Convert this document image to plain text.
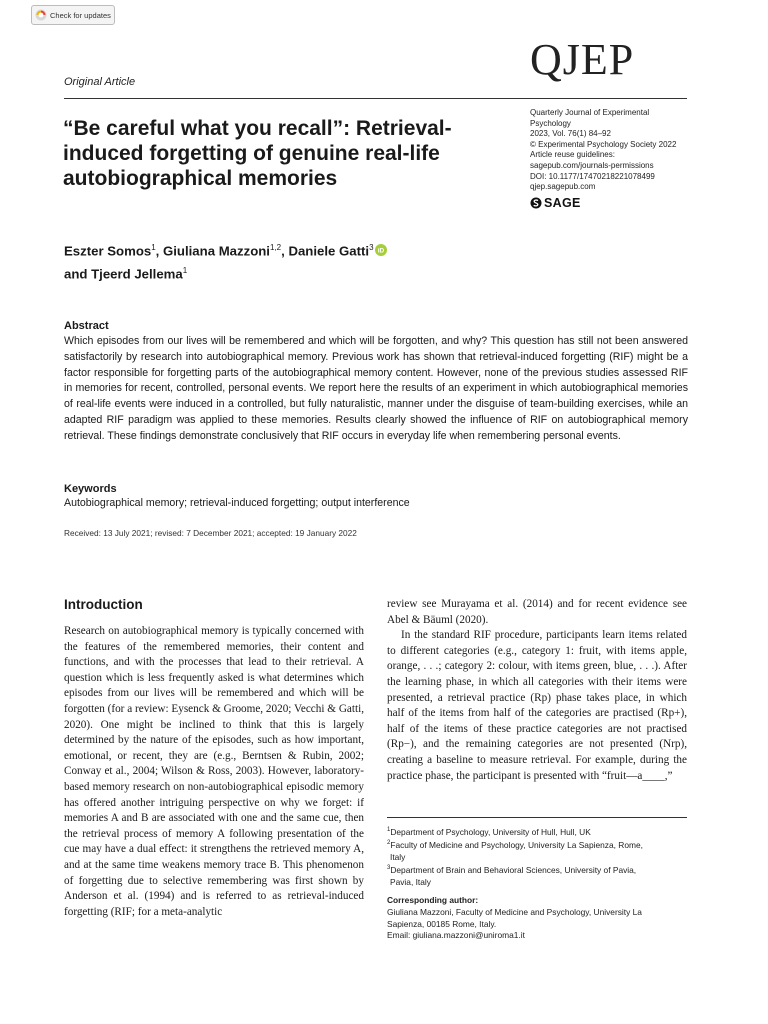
Check for updates
Original Article	QJEP
“Be careful what you recall”: Retrieval-induced forgetting of genuine real-life autobiographical memories
Quarterly Journal of Experimental
Psychology
2023, Vol. 76(1) 84–92
© Experimental Psychology Society 2022
Article reuse guidelines:
sagepub.com/journals-permissions
DOI: 10.1177/17470218221078499
qjep.sagepub.com
SAGE
Eszter Somos$^1$, Giuliana Mazzoni$^{1,2}$, Daniele Gatti$^3$ iD

and Tjeerd Jellema$^1$
Abstract

Which episodes from our lives will be remembered and which will be forgotten, and why? This question has still not been answered satisfactorily by research into autobiographical memory. Previous work has shown that retrieval-induced forgetting (RIF) might be a factor responsible for forgetting parts of the autobiographical memory content. However, none of the previous studies assessed RIF in memories for recent, controlled, personal events. We report here the results of an experiment in which autobiographical memories of real-life events were induced in a controlled, but fully naturalistic, manner under the disguise of team-building exercises, while an adapted RIF paradigm was applied to these memories. Results clearly showed the influence of RIF on autobiographical memory retrieval. These findings demonstrate conclusively that RIF occurs in everyday life when remembering personal events.

Keywords
Autobiographical memory; retrieval-induced forgetting; output interference
Received: 13 July 2021; revised: 7 December 2021; accepted: 19 January 2022
Introduction

Research on autobiographical memory is typically concerned with the features of the remembered memories, their content and functions, and with the processes that lead to their retrieval. A question which is less frequently asked is what determines which episodes from our lives will be remembered and which will be forgotten (for a review: Eysenck & Groome, 2020; Vecchi & Gatti, 2020). One might be inclined to think that this is largely determined by the nature of the episodes, such as how important, emotional, or recent, they are (e.g., Berntsen & Rubin, 2002; Conway et al., 2004; Wilson & Ross, 2003). However, laboratory-based memory research on non-autobiographical episodic memory has offered another intriguing perspective on why we forget: if memories A and B are associated with one and the same cue, then the retrieval process of memory A following presentation of the cue may have a dual effect: it strengthens the retrieved memory A, and at the same time weakens memory trace B. This phenomenon of forgetting due to selective remembering was first shown by Anderson et al. (1994) and is referred to as retrieval-induced forgetting (RIF; for a meta-analytic

review see Murayama et al. (2014) and for recent evidence see Abel & Bäuml (2020).

In the standard RIF procedure, participants learn items related to different categories (e.g., category 1: fruit, with items apple, orange, . . .; category 2: colour, with items green, blue, . . .). After the learning phase, in which all categories with their items were presented, a retrieval practice (Rp) phase takes place, in which half of the items from half of the categories are practised (Rp+), half of the items of these practice categories are not practised (Rp−), and the remaining categories are not presented (Nrp), creating a baseline to measure retrieval. For example, during the practice phase, the participant is presented with “fruit—a____,”

$^1$Department of Psychology, University of Hull, Hull, UK
$^2$Faculty of Medicine and Psychology, University La Sapienza, Rome,
Italy
$^3$Department of Brain and Behavioral Sciences, University of Pavia,
Pavia, Italy
Corresponding author:
Giuliana Mazzoni, Faculty of Medicine and Psychology, University La
Sapienza, 00185 Rome, Italy.
Email: giuliana.mazzoni@uniroma1.it
